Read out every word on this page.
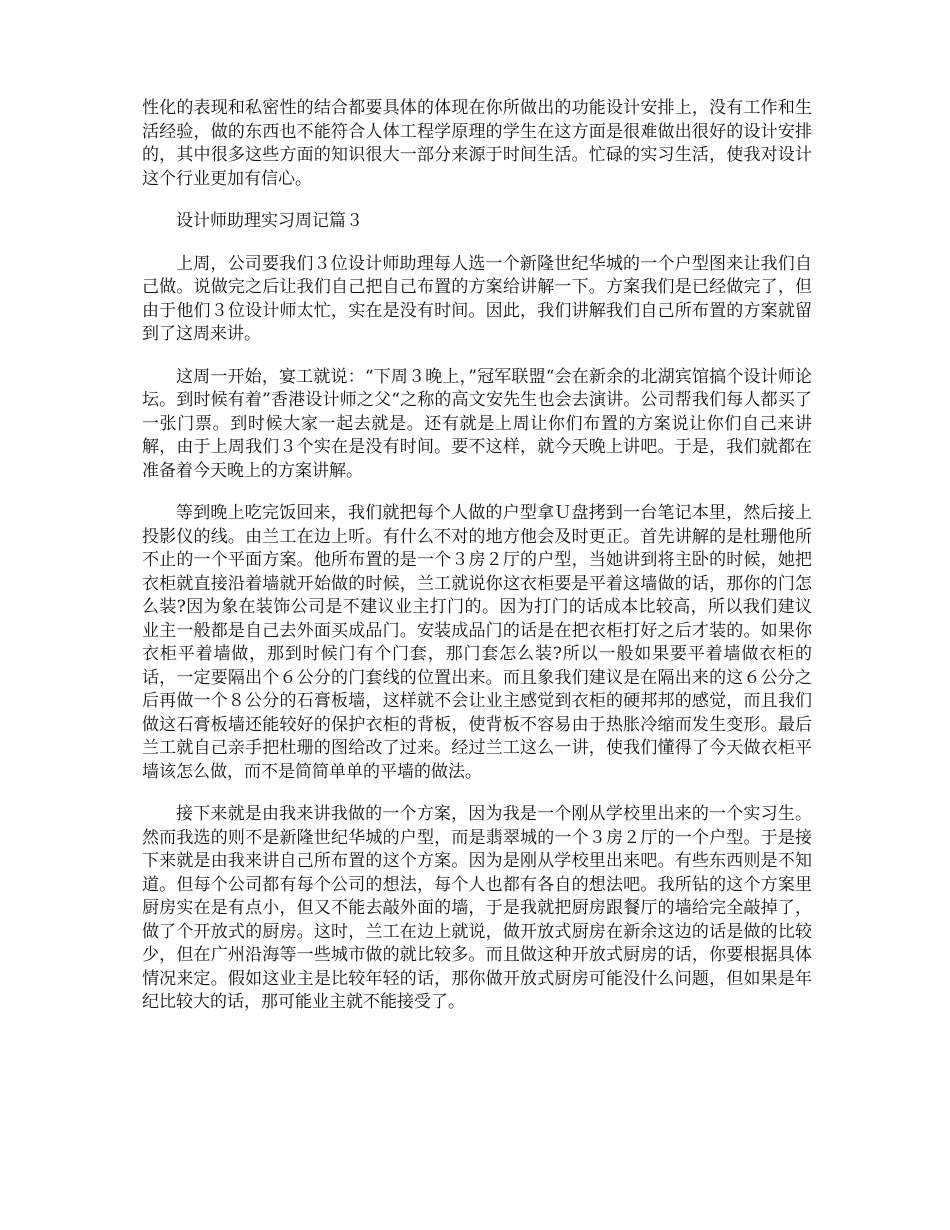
性化的表现和私密性的结合都要具体的体现在你所做出的功能设计安排上，没有工作和生活经验，做的东西也不能符合人体工程学原理的学生在这方面是很难做出很好的设计安排的，其中很多这些方面的知识很大一部分来源于时间生活。忙碌的实习生活，使我对设计这个行业更加有信心。

设计师助理实习周记篇３

上周，公司要我们３位设计师助理每人选一个新隆世纪华城的一个户型图来让我们自己做。说做完之后让我们自己把自己布置的方案给讲解一下。方案我们是已经做完了，但由于他们３位设计师太忙，实在是没有时间。因此，我们讲解我们自己所布置的方案就留到了这周来讲。

这周一开始，宴工就说：“下周３晚上，”冠军联盟“会在新余的北湖宾馆搞个设计师论坛。到时候有着”香港设计师之父“之称的高文安先生也会去演讲。公司帮我们每人都买了一张门票。到时候大家一起去就是。还有就是上周让你们布置的方案说让你们自己来讲解，由于上周我们３个实在是没有时间。要不这样，就今天晚上讲吧。于是，我们就都在准备着今天晚上的方案讲解。

等到晚上吃完饭回来，我们就把每个人做的户型拿Ｕ盘拷到一台笔记本里，然后接上投影仪的线。由兰工在边上听。有什么不对的地方他会及时更正。首先讲解的是杜珊他所不止的一个平面方案。他所布置的是一个３房２厅的户型，当她讲到将主卧的时候，她把衣柜就直接沿着墙就开始做的时候，兰工就说你这衣柜要是平着这墙做的话，那你的门怎么装?因为象在装饰公司是不建议业主打门的。因为打门的话成本比较高，所以我们建议业主一般都是自己去外面买成品门。安装成品门的话是在把衣柜打好之后才装的。如果你衣柜平着墙做，那到时候门有个门套，那门套怎么装?所以一般如果要平着墙做衣柜的话，一定要隔出个６公分的门套线的位置出来。而且象我们建议是在隔出来的这６公分之后再做一个８公分的石膏板墙，这样就不会让业主感觉到衣柜的硬邦邦的感觉，而且我们做这石膏板墙还能较好的保护衣柜的背板，使背板不容易由于热胀冷缩而发生变形。最后兰工就自己亲手把杜珊的图给改了过来。经过兰工这么一讲，使我们懂得了今天做衣柜平墙该怎么做，而不是简简单单的平墙的做法。

接下来就是由我来讲我做的一个方案，因为我是一个刚从学校里出来的一个实习生。然而我选的则不是新隆世纪华城的户型，而是翡翠城的一个３房２厅的一个户型。于是接下来就是由我来讲自己所布置的这个方案。因为是刚从学校里出来吧。有些东西则是不知道。但每个公司都有每个公司的想法，每个人也都有各自的想法吧。我所钻的这个方案里厨房实在是有点小，但又不能去敲外面的墙，于是我就把厨房跟餐厅的墙给完全敲掉了，做了个开放式的厨房。这时，兰工在边上就说，做开放式厨房在新余这边的话是做的比较少，但在广州沿海等一些城市做的就比较多。而且做这种开放式厨房的话，你要根据具体情况来定。假如这业主是比较年轻的话，那你做开放式厨房可能没什么问题，但如果是年纪比较大的话，那可能业主就不能接受了。
